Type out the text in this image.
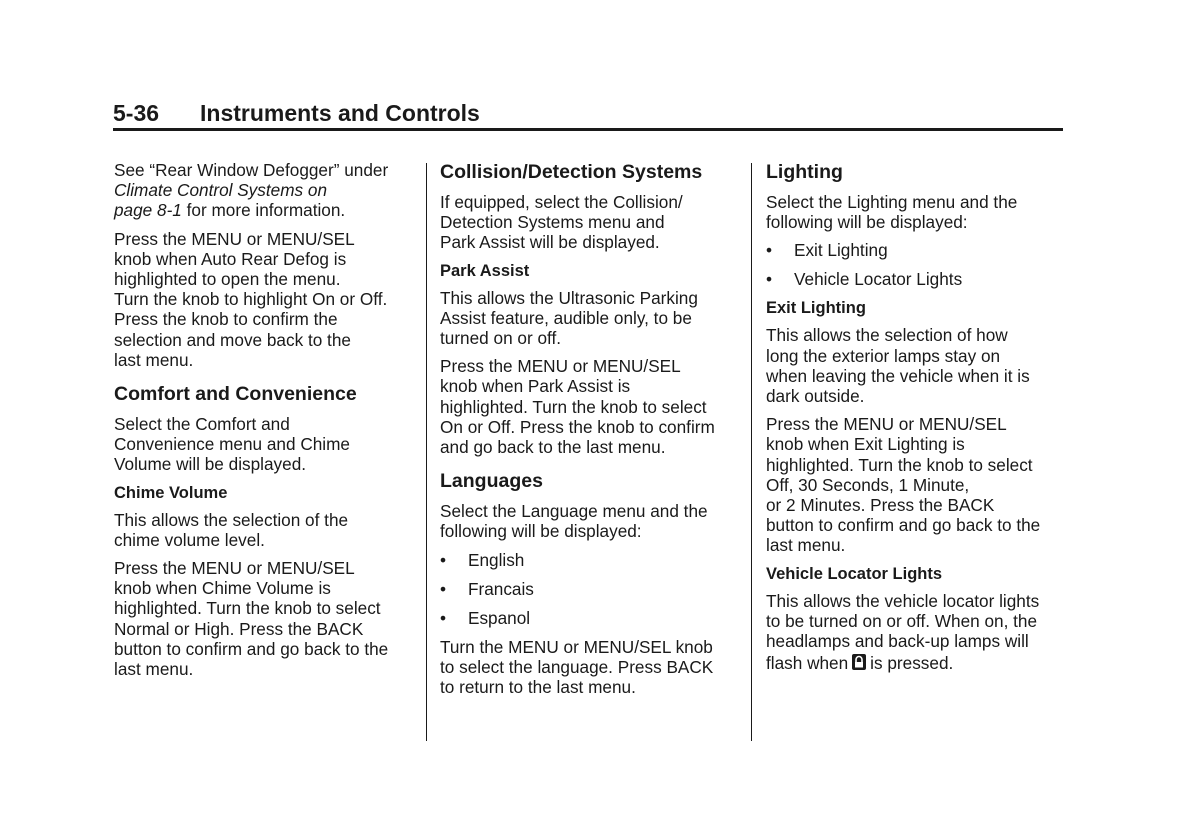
5-36 Instruments and Controls

See “Rear Window Defogger” under
Climate Control Systems on
page 8-1 for more information.

Press the MENU or MENU/SEL
knob when Auto Rear Defog is
highlighted to open the menu.
Turn the knob to highlight On or Off.
Press the knob to confirm the
selection and move back to the
last menu.

Comfort and Convenience

Select the Comfort and
Convenience menu and Chime
Volume will be displayed.

Chime Volume

This allows the selection of the
chime volume level.

Press the MENU or MENU/SEL
knob when Chime Volume is
highlighted. Turn the knob to select
Normal or High. Press the BACK
button to confirm and go back to the
last menu.

Collision/Detection Systems

If equipped, select the Collision/
Detection Systems menu and
Park Assist will be displayed.

Park Assist

This allows the Ultrasonic Parking
Assist feature, audible only, to be
turned on or off.

Press the MENU or MENU/SEL
knob when Park Assist is
highlighted. Turn the knob to select
On or Off. Press the knob to confirm
and go back to the last menu.

Languages

Select the Language menu and the
following will be displayed:

• English
• Francais
• Espanol

Turn the MENU or MENU/SEL knob
to select the language. Press BACK
to return to the last menu.

Lighting

Select the Lighting menu and the
following will be displayed:

• Exit Lighting
• Vehicle Locator Lights
Exit Lighting

This allows the selection of how
long the exterior lamps stay on
when leaving the vehicle when it is
dark outside.

Press the MENU or MENU/SEL
knob when Exit Lighting is
highlighted. Turn the knob to select
Off, 30 Seconds, 1 Minute,
or 2 Minutes. Press the BACK
button to confirm and go back to the
last menu.

Vehicle Locator Lights

This allows the vehicle locator lights
to be turned on or off. When on, the
headlamps and back-up lamps will
flash when is pressed.
